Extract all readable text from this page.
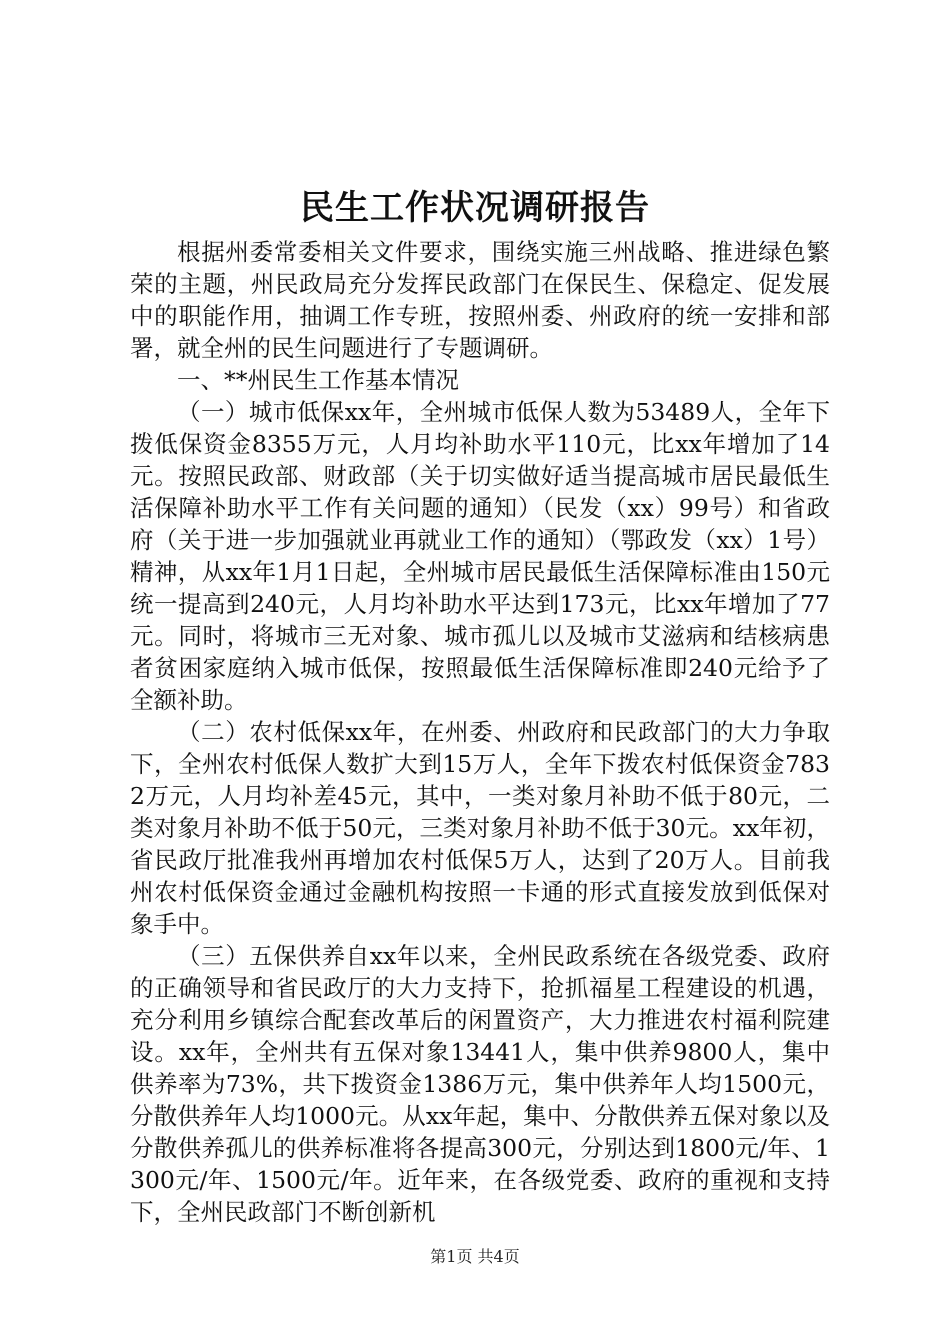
民生工作状况调研报告

根据州委常委相关文件要求，围绕实施三州战略、推进绿色繁荣的主题，州民政局充分发挥民政部门在保民生、保稳定、促发展中的职能作用，抽调工作专班，按照州委、州政府的统一安排和部署，就全州的民生问题进行了专题调研。

一、**州民生工作基本情况

（一）城市低保xx年，全州城市低保人数为53489人，全年下拨低保资金8355万元，人月均补助水平110元，比xx年增加了14元。按照民政部、财政部（关于切实做好适当提高城市居民最低生活保障补助水平工作有关问题的通知）（民发（xx）99号）和省政府（关于进一步加强就业再就业工作的通知）（鄂政发（xx）1号）精神，从xx年1月1日起，全州城市居民最低生活保障标准由150元统一提高到240元，人月均补助水平达到173元，比xx年增加了77元。同时，将城市三无对象、城市孤儿以及城市艾滋病和结核病患者贫困家庭纳入城市低保，按照最低生活保障标准即240元给予了全额补助。

（二）农村低保xx年，在州委、州政府和民政部门的大力争取下，全州农村低保人数扩大到15万人，全年下拨农村低保资金7832万元，人月均补差45元，其中，一类对象月补助不低于80元，二类对象月补助不低于50元，三类对象月补助不低于30元。xx年初，省民政厅批准我州再增加农村低保5万人，达到了20万人。目前我州农村低保资金通过金融机构按照一卡通的形式直接发放到低保对象手中。

（三）五保供养自xx年以来，全州民政系统在各级党委、政府的正确领导和省民政厅的大力支持下，抢抓福星工程建设的机遇，充分利用乡镇综合配套改革后的闲置资产，大力推进农村福利院建设。xx年，全州共有五保对象13441人，集中供养9800人，集中供养率为73%，共下拨资金1386万元，集中供养年人均1500元，分散供养年人均1000元。从xx年起，集中、分散供养五保对象以及分散供养孤儿的供养标准将各提高300元，分别达到1800元/年、1300元/年、1500元/年。近年来，在各级党委、政府的重视和支持下，全州民政部门不断创新机

第1页 共4页
